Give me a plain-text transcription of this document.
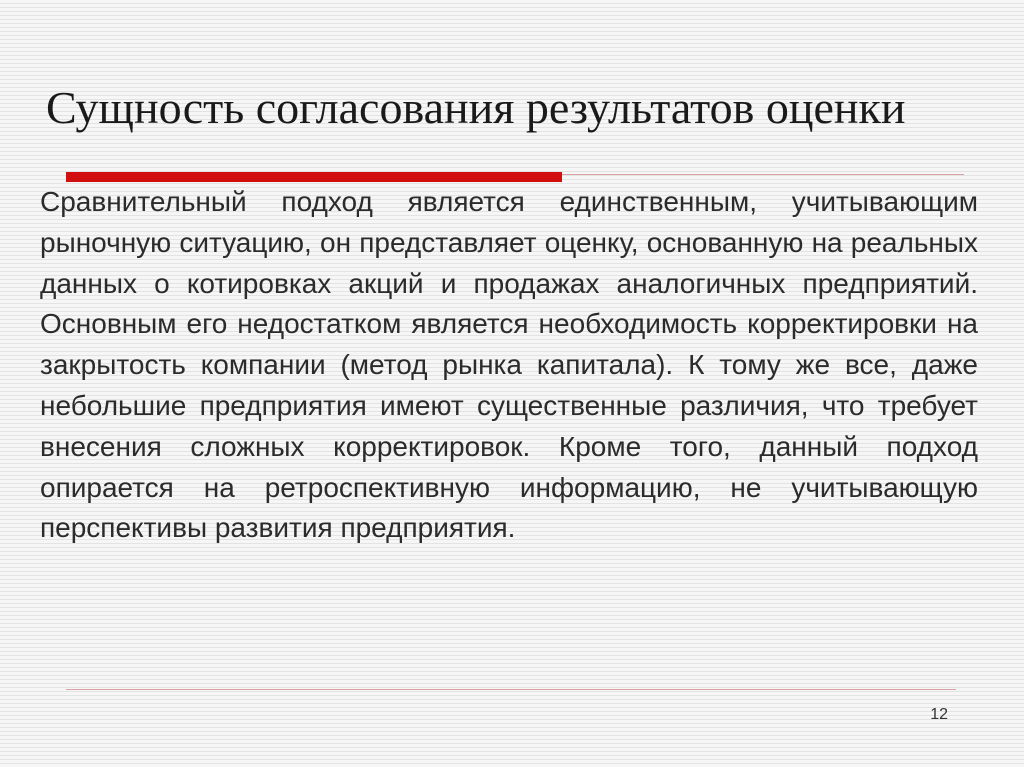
Сущность согласования результатов оценки

Сравнительный подход является единственным, учитывающим рыночную ситуацию, он представляет оценку, основанную на реальных данных о котировках акций и продажах аналогичных предприятий. Основным его недостатком является необходимость корректировки на закрытость компании (метод рынка капитала). К тому же все, даже небольшие предприятия имеют существенные различия, что требует внесения сложных корректировок. Кроме того, данный подход опирается на ретроспективную информацию, не учитывающую перспективы развития предприятия.

12
